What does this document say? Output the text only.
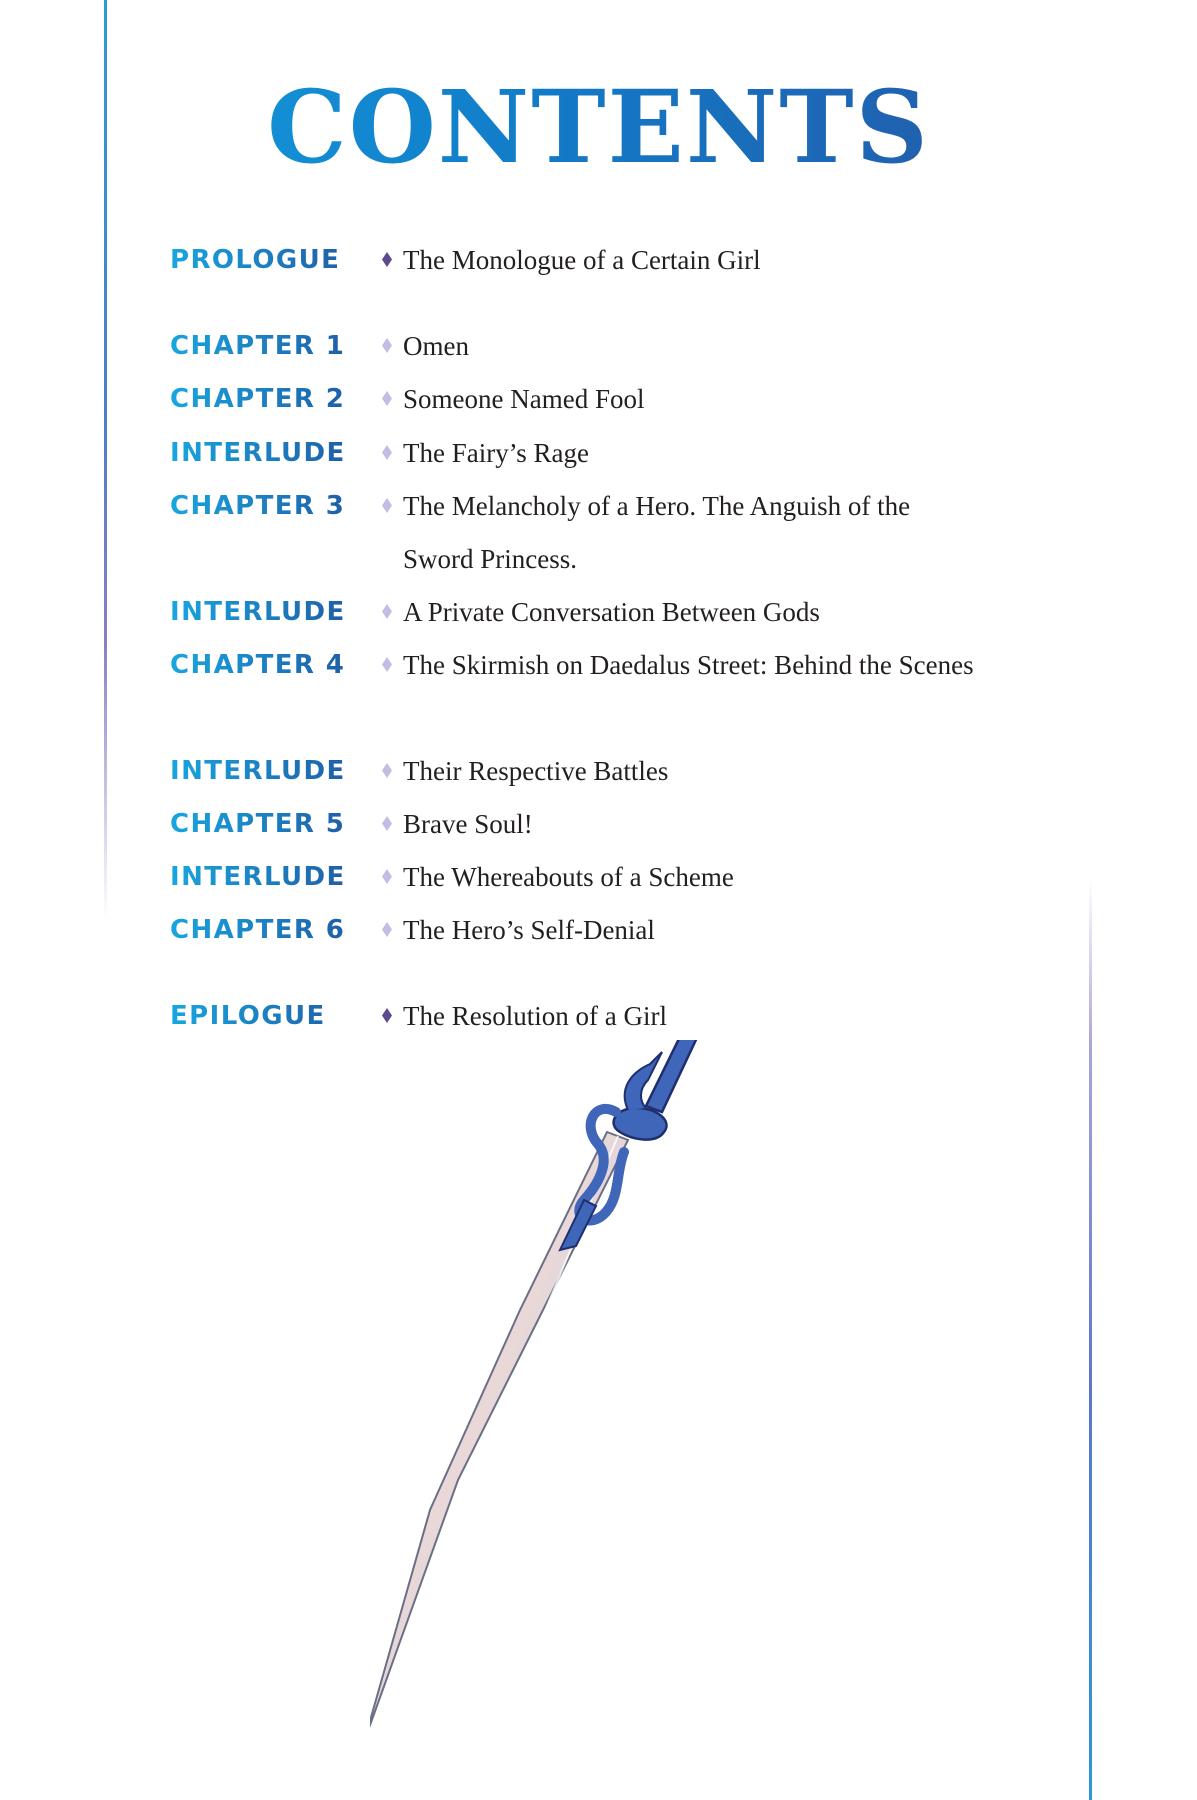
CONTENTS
PROLOGUE The Monologue of a Certain Girl
CHAPTER 1 Omen
CHAPTER 2 Someone Named Fool
INTERLUDE The Fairy’s Rage
CHAPTER 3 The Melancholy of a Hero. The Anguish of the Sword Princess.
INTERLUDE A Private Conversation Between Gods
CHAPTER 4 The Skirmish on Daedalus Street: Behind the Scenes
INTERLUDE Their Respective Battles
CHAPTER 5 Brave Soul!
INTERLUDE The Whereabouts of a Scheme
CHAPTER 6 The Hero’s Self-Denial
EPILOGUE	The Resolution of a Girl
